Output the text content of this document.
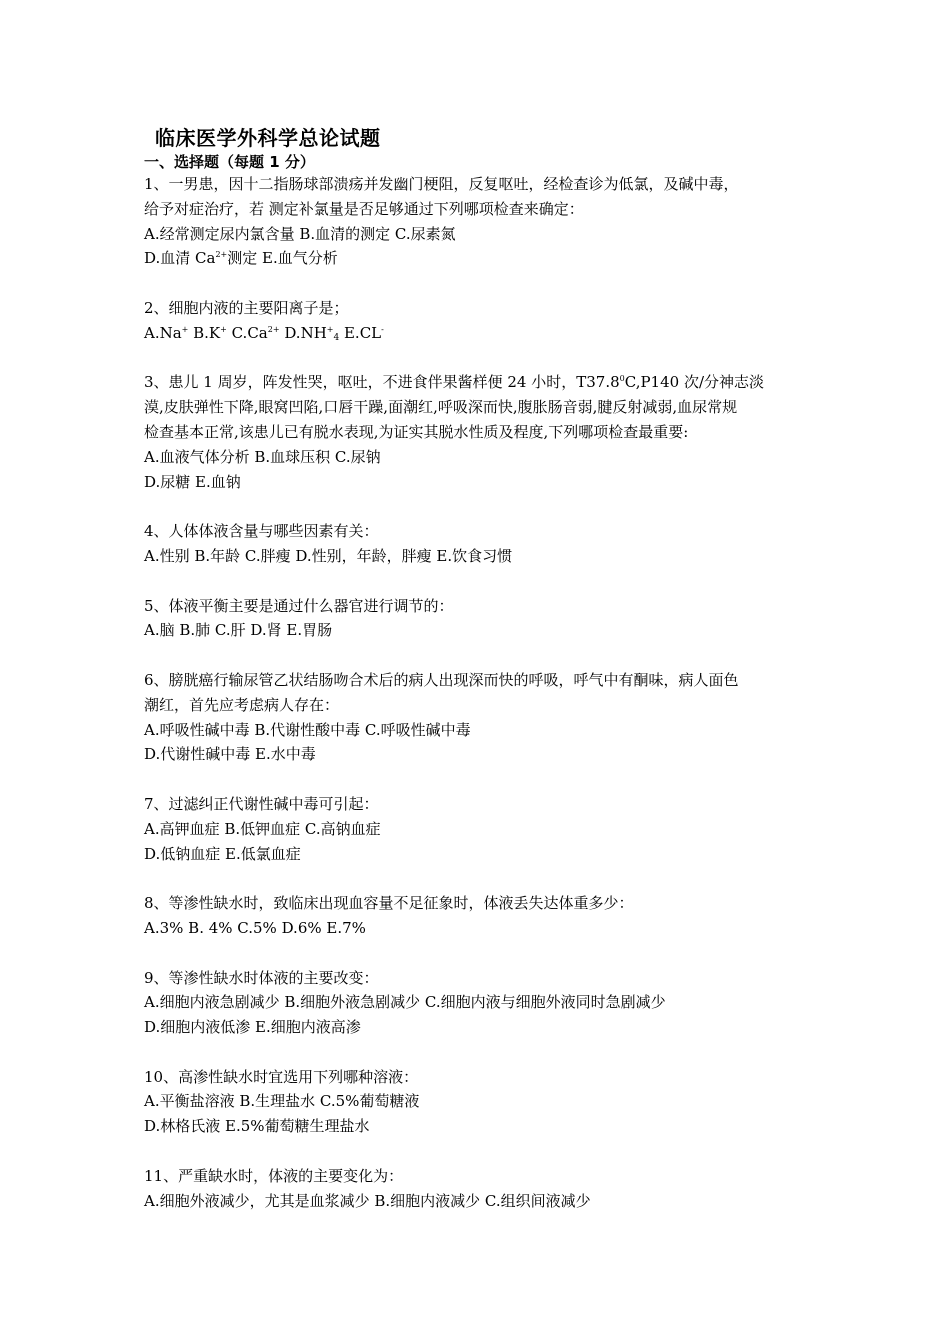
临床医学外科学总论试题
一、选择题（每题 1 分）
1、一男患，因十二指肠球部溃疡并发幽门梗阻，反复呕吐，经检查诊为低氯，及碱中毒，
给予对症治疗，若 测定补氯量是否足够通过下列哪项检查来确定：
A.经常测定尿内氯含量 B.血清的测定 C.尿素氮
D.血清 $Ca^{2+}$测定 E.血气分析
2、细胞内液的主要阳离子是；
A.Na+ B.K+ $C.Ca^{2+}$ $D.NH^+_4$ E.CL-
3、患儿 1 周岁，阵发性哭，呕吐，不进食伴果酱样便 24 小时，T37.8$^0$C,P140 次/分神志淡
漠,皮肤弹性下降,眼窝凹陷,口唇干躁,面潮红,呼吸深而快,腹胀肠音弱,腱反射减弱,血尿常规
检查基本正常,该患儿已有脱水表现,为证实其脱水性质及程度,下列哪项检查最重要:
A.血液气体分析 B.血球压积 C.尿钠
D.尿糖 E.血钠
4、人体体液含量与哪些因素有关：
A.性别 B.年龄 C.胖瘦 D.性别，年龄，胖瘦 E.饮食习惯
5、体液平衡主要是通过什么器官进行调节的：
A.脑 B.肺 C.肝 D.肾 E.胃肠
6、膀胱癌行输尿管乙状结肠吻合术后的病人出现深而快的呼吸，呼气中有酮味，病人面色
潮红，首先应考虑病人存在：
A.呼吸性碱中毒 B.代谢性酸中毒 C.呼吸性碱中毒
D.代谢性碱中毒 E.水中毒
7、过滤纠正代谢性碱中毒可引起：
A.高钾血症 B.低钾血症 C.高钠血症
D.低钠血症 E.低氯血症
8、等渗性缺水时，致临床出现血容量不足征象时，体液丢失达体重多少：
A.3% B. 4% C.5% D.6% E.7%
9、等渗性缺水时体液的主要改变：
A.细胞内液急剧减少 B.细胞外液急剧减少 C.细胞内液与细胞外液同时急剧减少
D.细胞内液低渗 E.细胞内液高渗
10、高渗性缺水时宜选用下列哪种溶液：
A.平衡盐溶液 B.生理盐水 C.5%葡萄糖液
D.林格氏液 E.5%葡萄糖生理盐水
11、严重缺水时，体液的主要变化为：
A.细胞外液减少，尤其是血浆减少 B.细胞内液减少 C.组织间液减少
